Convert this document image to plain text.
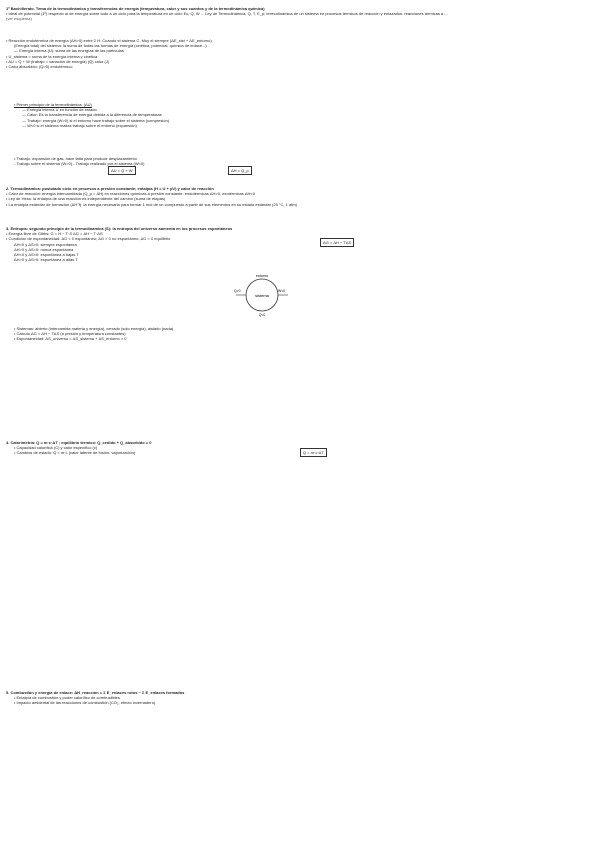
1º Bachillerato. Tema de la termodinámica y transferencias de energía (temperatura, calor y sus cuantos y de la termodinámica química)
• Ideal de potencial (1º) respecto al de energía sobre todo a un ciclo para la temperatura en un ciclo Ec, Q, W ... Ley de Termodinámica, Q, T, E_p; termodinámica de un sistema en procesos térmicos de reacción y enlazados: reacciones térmicas a ...
(ver esquema)
• Reacción endotérmica de energía (ΔH>0) entre 2 H: Cuando el sistema C. Muy el siempre (ΔE_sist + ΔE_entorno)
(Energía total) del sistema: la suma de todas las formas de energía (cinética, potencial, química de enlace...)
— Energía interna (U): suma de las energías de las partículas
• U_sistema = suma de la energía interna y cinética
• ΔU = Q + W (trabajo = variación de energía) (Q) calor (J)
• Calor absorbido: (Q>0) endotérmico
• Primer principio de la termodinámica: (ΔU)
— Energía interna U en función de estado
— Calor: Es la transferencia de energía debida a la diferencia de temperaturas
— Trabajo: energía (W>0) si el entorno hace trabajo sobre el sistema (compresión)
— W<0 si el sistema realiza trabajo sobre el entorno (expansión)
• Trabajo: expansión de gas; hace falta para producir desplazamiento
- Trabajo sobre el sistema (W>0) - Trabajo realizado por el sistema (W<0)
ΔU = Q + W	ΔH = Q_p
2. Termodinámica: postulado ciclo en procesos a presión constante; entalpía (H = U + pV) y calor de reacción
• Calor de reacción: energía intercambiada (Q_p = ΔH) en reacciones químicas a presión constante: endotérmicas ΔH>0, exotérmicas ΔH<0
• Ley de Hess: la entalpía de una reacción es independiente del camino (suma de etapas)
• La entalpía estándar de formación (ΔH°f): la energía necesaria para formar 1 mol de un compuesto a partir de sus elementos en su estado estándar (25 °C, 1 atm)
3. Entropía: segundo principio de la termodinámica (S): la entropía del universo aumenta en los procesos espontáneos
• Energía libre de Gibbs: G = H − T·S ΔG = ΔH − T·ΔS
• Condición de espontaneidad: ΔG < 0 espontáneo; ΔG > 0 no espontáneo; ΔG = 0 equilibrio
ΔH<0 y ΔS>0: siempre espontánea
ΔH>0 y ΔS<0: nunca espontánea
ΔH<0 y ΔS<0: espontánea a bajas T
ΔH>0 y ΔS>0: espontánea a altas T
ΔG = ΔH − TΔS
sistema
entorno
Q>0	W<0
Q<0
• Sistemas: abierto (intercambia materia y energía), cerrado (solo energía), aislado (nada)
• Cálculo ΔG = ΔH − TΔS (a presión y temperatura constantes)
• Espontaneidad: ΔS_universo = ΔS_sistema + ΔS_entorno > 0
4. Calorimetría: Q = m·c·ΔT ; equilibrio térmico: Q_cedido + Q_absorbido = 0
• Capacidad calorífica (C) y calor específico (c)
• Cambios de estado: Q = m·L (calor latente de fusión, vaporización)	Q = m·c·ΔT
5. Combustión y energía de enlace: ΔH_reacción = Σ E_enlaces rotos − Σ E_enlaces formados
• Entalpía de combustión y poder calorífico de combustibles
• Impacto ambiental de las reacciones de combustión (CO₂, efecto invernadero)
